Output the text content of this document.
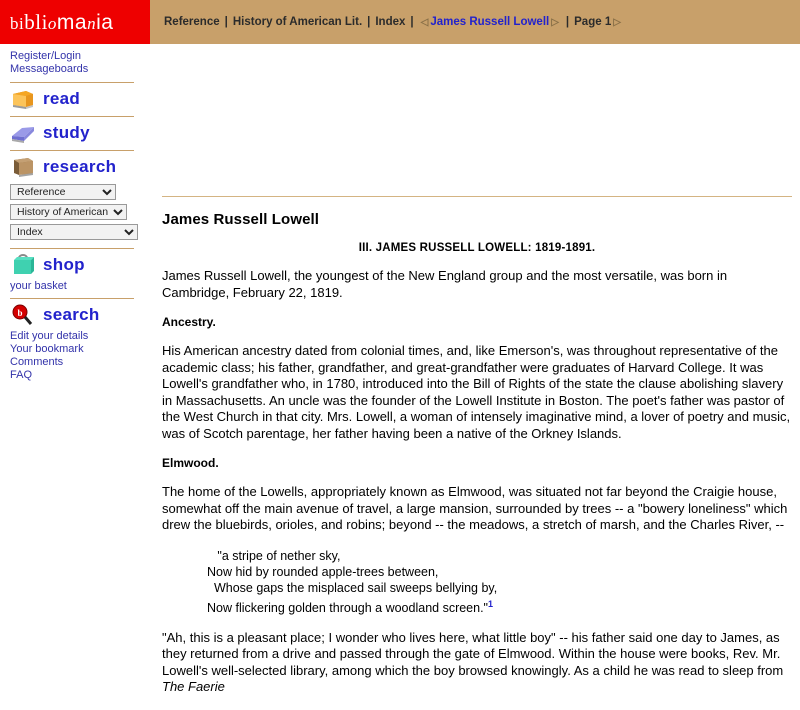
bibliomania	Reference | History of American Lit. | Index | ◁ James Russell Lowell ▷ | Page 1 ▷
Register/Login
Messageboards
read
study
research
Reference
History of American Lit.
Index
shop
your basket
b search
Edit your details
Your bookmark
Comments
FAQ
James Russell Lowell
III. JAMES RUSSELL LOWELL: 1819-1891.

James Russell Lowell, the youngest of the New England group and the most versatile, was born in Cambridge, February 22, 1819.

Ancestry.

His American ancestry dated from colonial times, and, like Emerson's, was throughout representative of the academic class; his father, grandfather, and great-grandfather were graduates of Harvard College. It was Lowell's grandfather who, in 1780, introduced into the Bill of Rights of the state the clause abolishing slavery in Massachusetts. An uncle was the founder of the Lowell Institute in Boston. The poet's father was pastor of the West Church in that city. Mrs. Lowell, a woman of intensely imaginative mind, a lover of poetry and music, was of Scotch parentage, her father having been a native of the Orkney Islands.

Elmwood.

The home of the Lowells, appropriately known as Elmwood, was situated not far beyond the Craigie house, somewhat off the main avenue of travel, a large mansion, surrounded by trees -- a "bowery loneliness" which drew the bluebirds, orioles, and robins; beyond -- the meadows, a stretch of marsh, and the Charles River, --

"a stripe of nether sky,
Now hid by rounded apple-trees between,
Whose gaps the misplaced sail sweeps bellying by,
Now flickering golden through a woodland screen."$^1$

"Ah, this is a pleasant place; I wonder who lives here, what little boy" -- his father said one day to James, as they returned from a drive and passed through the gate of Elmwood. Within the house were books, Rev. Mr. Lowell's well-selected library, among which the boy browsed knowingly. As a child he was read to sleep from The Faerie
